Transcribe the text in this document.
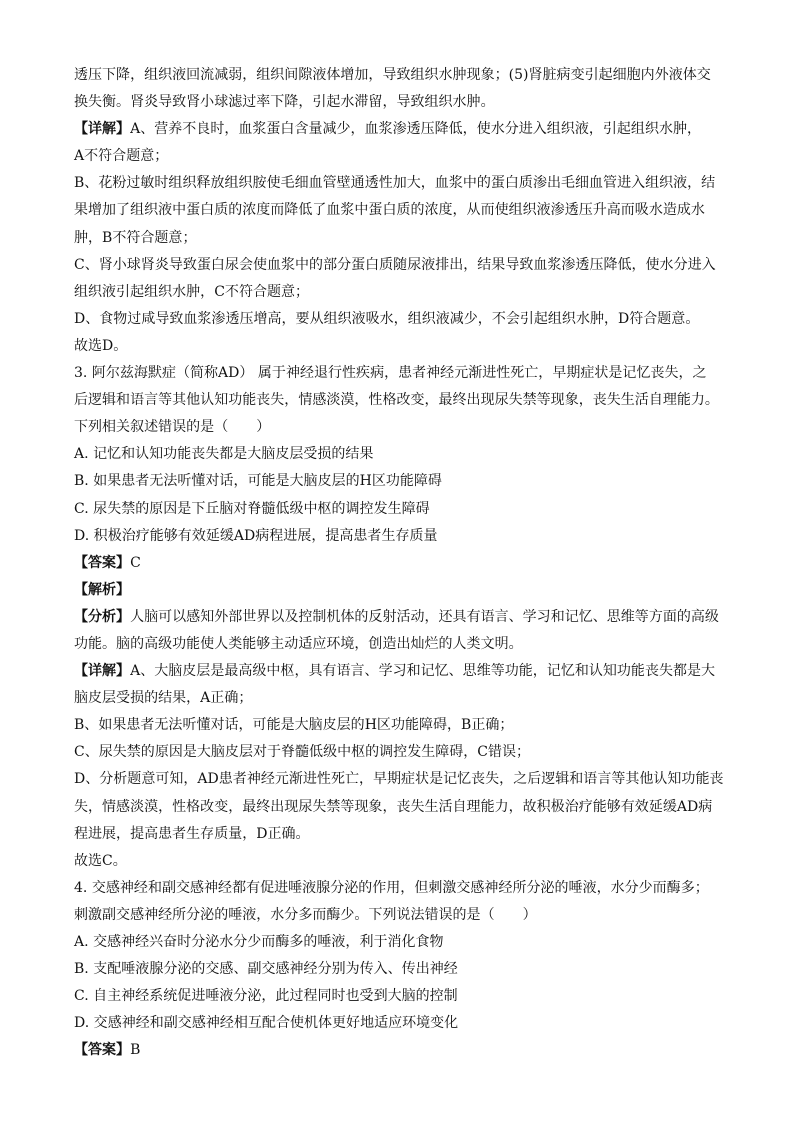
透压下降，组织液回流减弱，组织间隙液体增加，导致组织水肿现象；(5)肾脏病变引起细胞内外液体交
换失衡。肾炎导致肾小球滤过率下降，引起水滞留，导致组织水肿。
【详解】A、营养不良时，血浆蛋白含量减少，血浆渗透压降低，使水分进入组织液，引起组织水肿，
A不符合题意；
B、花粉过敏时组织释放组织胺使毛细血管壁通透性加大，血浆中的蛋白质渗出毛细血管进入组织液，结
果增加了组织液中蛋白质的浓度而降低了血浆中蛋白质的浓度，从而使组织液渗透压升高而吸水造成水
肿，B不符合题意；
C、肾小球肾炎导致蛋白尿会使血浆中的部分蛋白质随尿液排出，结果导致血浆渗透压降低，使水分进入
组织液引起组织水肿，C不符合题意；
D、食物过咸导致血浆渗透压增高，要从组织液吸水，组织液减少，不会引起组织水肿，D符合题意。
故选D。
3. 阿尔兹海默症（简称AD） 属于神经退行性疾病，患者神经元渐进性死亡，早期症状是记忆丧失，之
后逻辑和语言等其他认知功能丧失，情感淡漠，性格改变，最终出现尿失禁等现象，丧失生活自理能力。
下列相关叙述错误的是（　　）
A. 记忆和认知功能丧失都是大脑皮层受损的结果
B. 如果患者无法听懂对话，可能是大脑皮层的H区功能障碍
C. 尿失禁的原因是下丘脑对脊髓低级中枢的调控发生障碍
D. 积极治疗能够有效延缓AD病程进展，提高患者生存质量
【答案】C
【解析】
【分析】人脑可以感知外部世界以及控制机体的反射活动，还具有语言、学习和记忆、思维等方面的高级
功能。脑的高级功能使人类能够主动适应环境，创造出灿烂的人类文明。
【详解】A、大脑皮层是最高级中枢，具有语言、学习和记忆、思维等功能，记忆和认知功能丧失都是大
脑皮层受损的结果，A正确；
B、如果患者无法听懂对话，可能是大脑皮层的H区功能障碍，B正确；
C、尿失禁的原因是大脑皮层对于脊髓低级中枢的调控发生障碍，C错误；
D、分析题意可知，AD患者神经元渐进性死亡，早期症状是记忆丧失，之后逻辑和语言等其他认知功能丧
失，情感淡漠，性格改变，最终出现尿失禁等现象，丧失生活自理能力，故积极治疗能够有效延缓AD病
程进展，提高患者生存质量，D正确。
故选C。
4. 交感神经和副交感神经都有促进唾液腺分泌的作用，但刺激交感神经所分泌的唾液，水分少而酶多；
刺激副交感神经所分泌的唾液，水分多而酶少。下列说法错误的是（　　）
A. 交感神经兴奋时分泌水分少而酶多的唾液，利于消化食物
B. 支配唾液腺分泌的交感、副交感神经分别为传入、传出神经
C. 自主神经系统促进唾液分泌，此过程同时也受到大脑的控制
D. 交感神经和副交感神经相互配合使机体更好地适应环境变化
【答案】B
